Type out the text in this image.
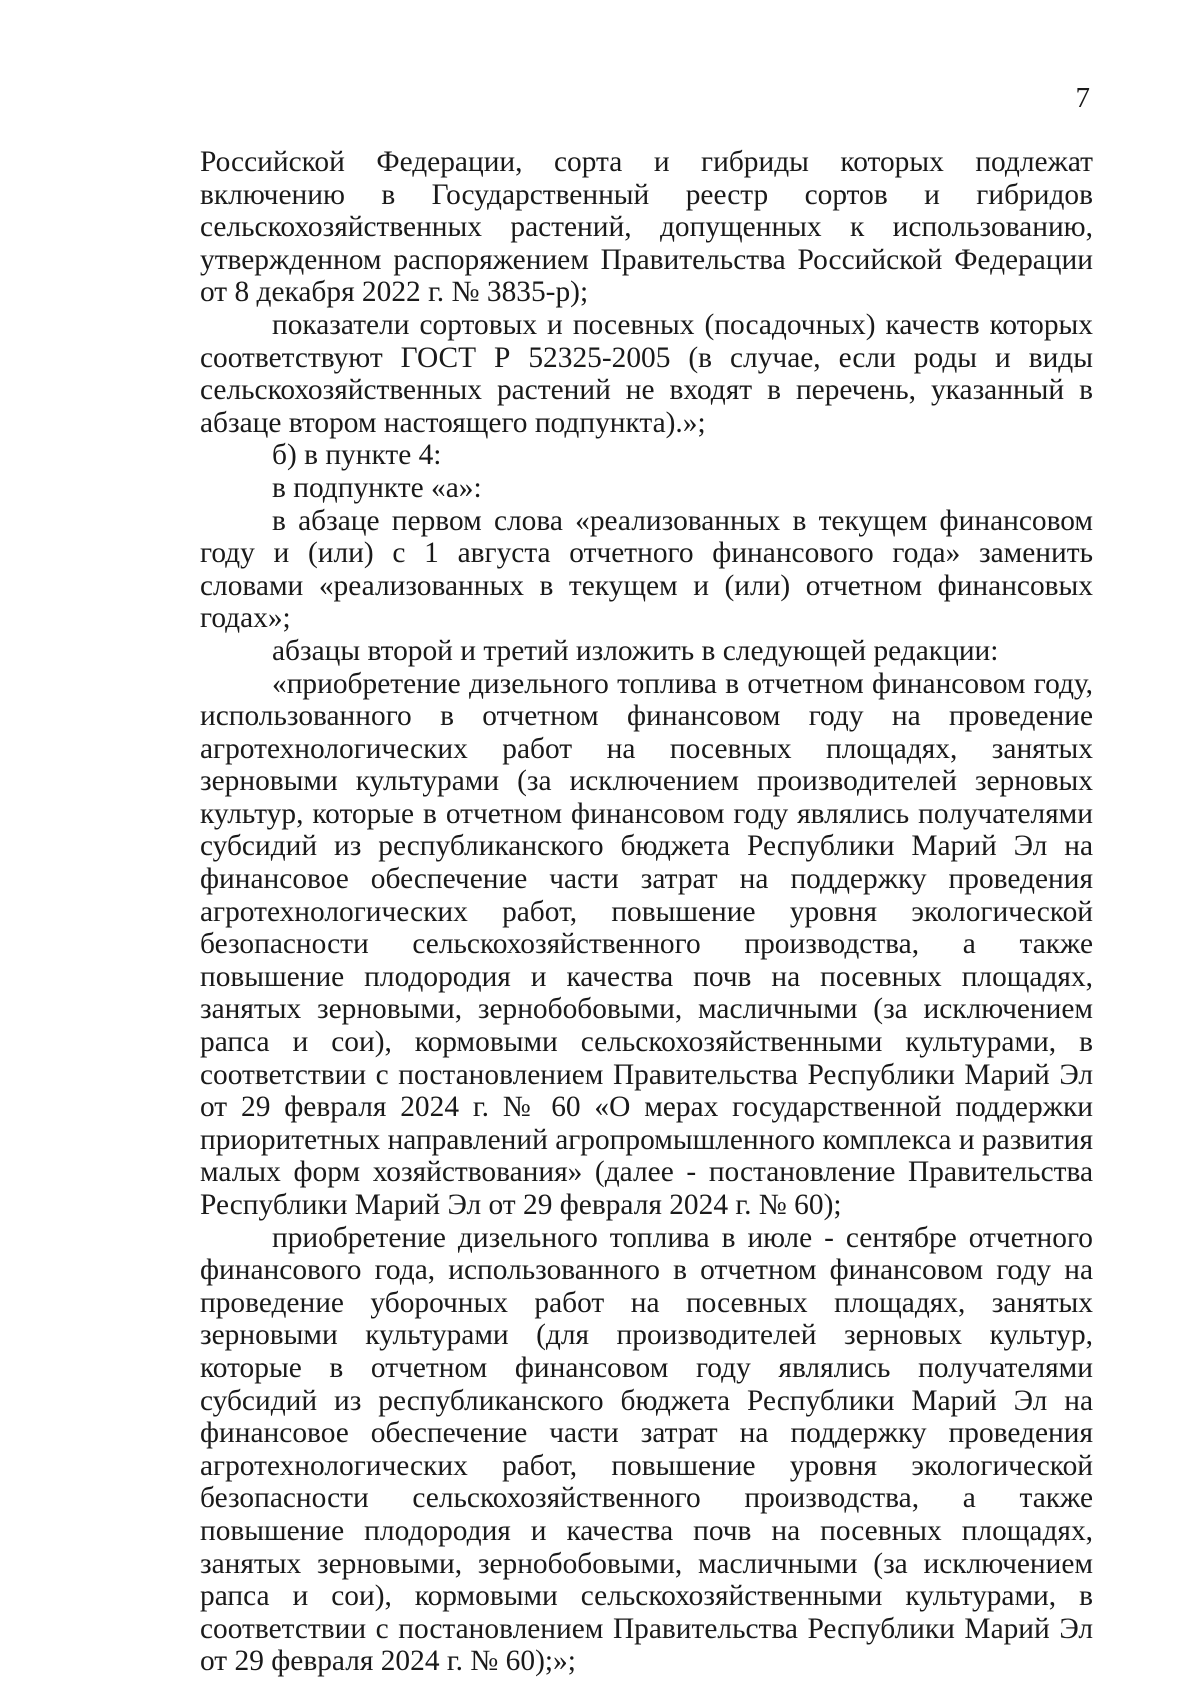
7

Российской Федерации, сорта и гибриды которых подлежат включению в Государственный реестр сортов и гибридов сельскохозяйственных растений, допущенных к использованию, утвержденном распоряжением Правительства Российской Федерации от 8 декабря 2022 г. № 3835-р);

показатели сортовых и посевных (посадочных) качеств которых соответствуют ГОСТ Р 52325-2005 (в случае, если роды и виды сельскохозяйственных растений не входят в перечень, указанный в абзаце втором настоящего подпункта).»;

б) в пункте 4:

в подпункте «а»:

в абзаце первом слова «реализованных в текущем финансовом году и (или) с 1 августа отчетного финансового года» заменить словами «реализованных в текущем и (или) отчетном финансовых годах»;

абзацы второй и третий изложить в следующей редакции:

«приобретение дизельного топлива в отчетном финансовом году, использованного в отчетном финансовом году на проведение агротехнологических работ на посевных площадях, занятых зерновыми культурами (за исключением производителей зерновых культур, которые в отчетном финансовом году являлись получателями субсидий из республиканского бюджета Республики Марий Эл на финансовое обеспечение части затрат на поддержку проведения агротехнологических работ, повышение уровня экологической безопасности сельскохозяйственного производства, а также повышение плодородия и качества почв на посевных площадях, занятых зерновыми, зернобобовыми, масличными (за исключением рапса и сои), кормовыми сельскохозяйственными культурами, в соответствии с постановлением Правительства Республики Марий Эл от 29 февраля 2024 г. № 60 «О мерах государственной поддержки приоритетных направлений агропромышленного комплекса и развития малых форм хозяйствования» (далее - постановление Правительства Республики Марий Эл от 29 февраля 2024 г. № 60);

приобретение дизельного топлива в июле - сентябре отчетного финансового года, использованного в отчетном финансовом году на проведение уборочных работ на посевных площадях, занятых зерновыми культурами (для производителей зерновых культур, которые в отчетном финансовом году являлись получателями субсидий из республиканского бюджета Республики Марий Эл на финансовое обеспечение части затрат на поддержку проведения агротехнологических работ, повышение уровня экологической безопасности сельскохозяйственного производства, а также повышение плодородия и качества почв на посевных площадях, занятых зерновыми, зернобобовыми, масличными (за исключением рапса и сои), кормовыми сельскохозяйственными культурами, в соответствии с постановлением Правительства Республики Марий Эл от 29 февраля 2024 г. № 60);»;
